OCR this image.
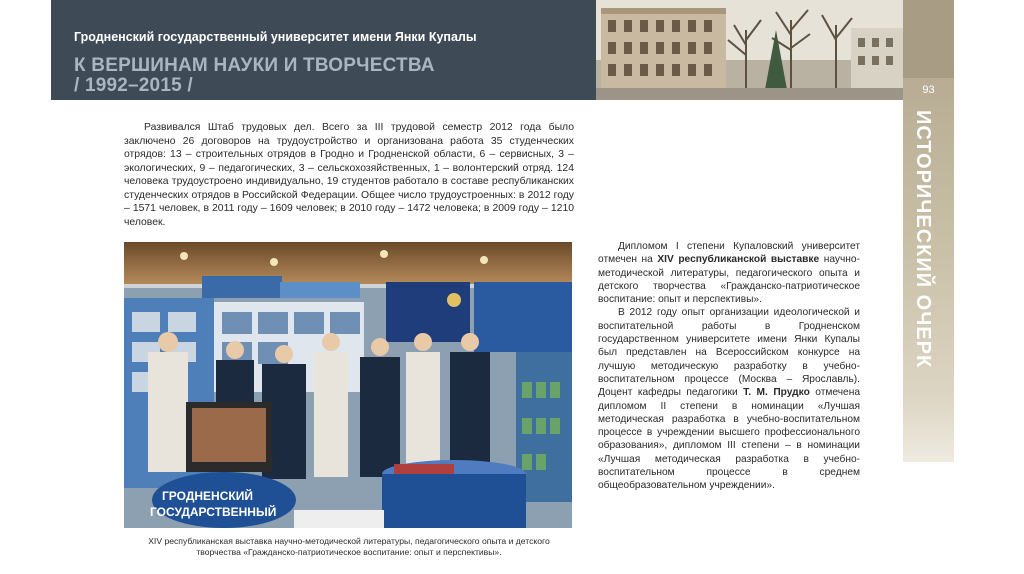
Гродненский государственный университет имени Янки Купалы
К ВЕРШИНАМ НАУКИ И ТВОРЧЕСТВА
/ 1992–2015 /	93
ИСТОРИЧЕСКИЙ ОЧЕРК

Развивался Штаб трудовых дел. Всего за III трудовой семестр 2012 года было заключено 26 договоров на трудоустройство и организована работа 35 студенческих отрядов: 13 – строительных отрядов в Гродно и Гродненской области, 6 – сервисных, 3 – экологических, 9 – педагогических, 3 – сельскохозяйственных, 1 – волонтерский отряд. 124 человека трудоустроено индивидуально, 19 студентов работало в составе республиканских студенческих отрядов в Российской Федерации. Общее число трудоустроенных: в 2012 году – 1571 человек, в 2011 году – 1609 человек; в 2010 году – 1472 человека; в 2009 году – 1210 человек.

ГРОДНЕНСКИЙ
ГОСУДАРСТВЕННЫЙ

XIV республиканская выставка научно-методической литературы, педагогического опыта и детского
творчества «Гражданско-патриотическое воспитание: опыт и перспективы».

Дипломом I степени Купаловский университет отмечен на XIV республиканской выставке научно-методической литературы, педагогического опыта и детского творчества «Гражданско-патриотическое воспитание: опыт и перспективы».

В 2012 году опыт организации идеологической и воспитательной работы в Гродненском государственном университете имени Янки Купалы был представлен на Всероссийском конкурсе на лучшую методическую разработку в учебно-воспитательном процессе (Москва – Ярославль). Доцент кафедры педагогики Т. М. Прудко отмечена дипломом II степени в номинации «Лучшая методическая разработка в учебно-воспитательном процессе в учреждении высшего профессионального образования», дипломом III степени – в номинации «Лучшая методическая разработка в учебно-воспитательном процессе в среднем общеобразовательном учреждении».
